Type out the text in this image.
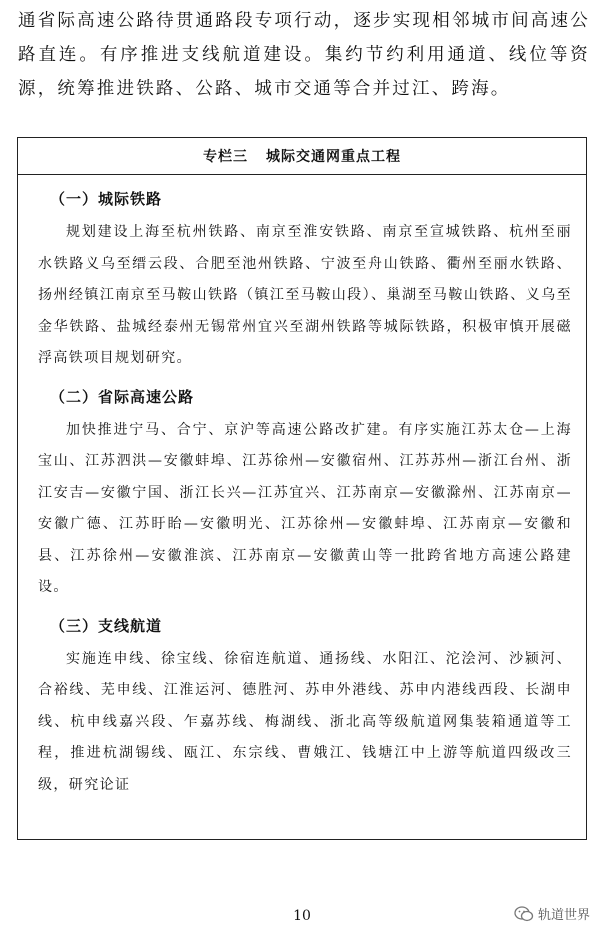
通省际高速公路待贯通路段专项行动，逐步实现相邻城市间高速公路直连。有序推进支线航道建设。集约节约利用通道、线位等资源，统筹推进铁路、公路、城市交通等合并过江、跨海。

专栏三 城际交通网重点工程
（一）城际铁路

规划建设上海至杭州铁路、南京至淮安铁路、南京至宣城铁路、杭州至丽水铁路义乌至缙云段、合肥至池州铁路、宁波至舟山铁路、衢州至丽水铁路、扬州经镇江南京至马鞍山铁路（镇江至马鞍山段）、巢湖至马鞍山铁路、义乌至金华铁路、盐城经泰州无锡常州宜兴至湖州铁路等城际铁路，积极审慎开展磁浮高铁项目规划研究。

（二）省际高速公路

加快推进宁马、合宁、京沪等高速公路改扩建。有序实施江苏太仓—上海宝山、江苏泗洪—安徽蚌埠、江苏徐州—安徽宿州、江苏苏州—浙江台州、浙江安吉—安徽宁国、浙江长兴—江苏宜兴、江苏南京—安徽滁州、江苏南京—安徽广德、江苏盱眙—安徽明光、江苏徐州—安徽蚌埠、江苏南京—安徽和县、江苏徐州—安徽淮滨、江苏南京—安徽黄山等一批跨省地方高速公路建设。

（三）支线航道

实施连申线、徐宝线、徐宿连航道、通扬线、水阳江、沱浍河、沙颍河、合裕线、芜申线、江淮运河、德胜河、苏申外港线、苏申内港线西段、长湖申线、杭申线嘉兴段、乍嘉苏线、梅湖线、浙北高等级航道网集装箱通道等工程，推进杭湖锡线、瓯江、东宗线、曹娥江、钱塘江中上游等航道四级改三级，研究论证

10	轨道世界
